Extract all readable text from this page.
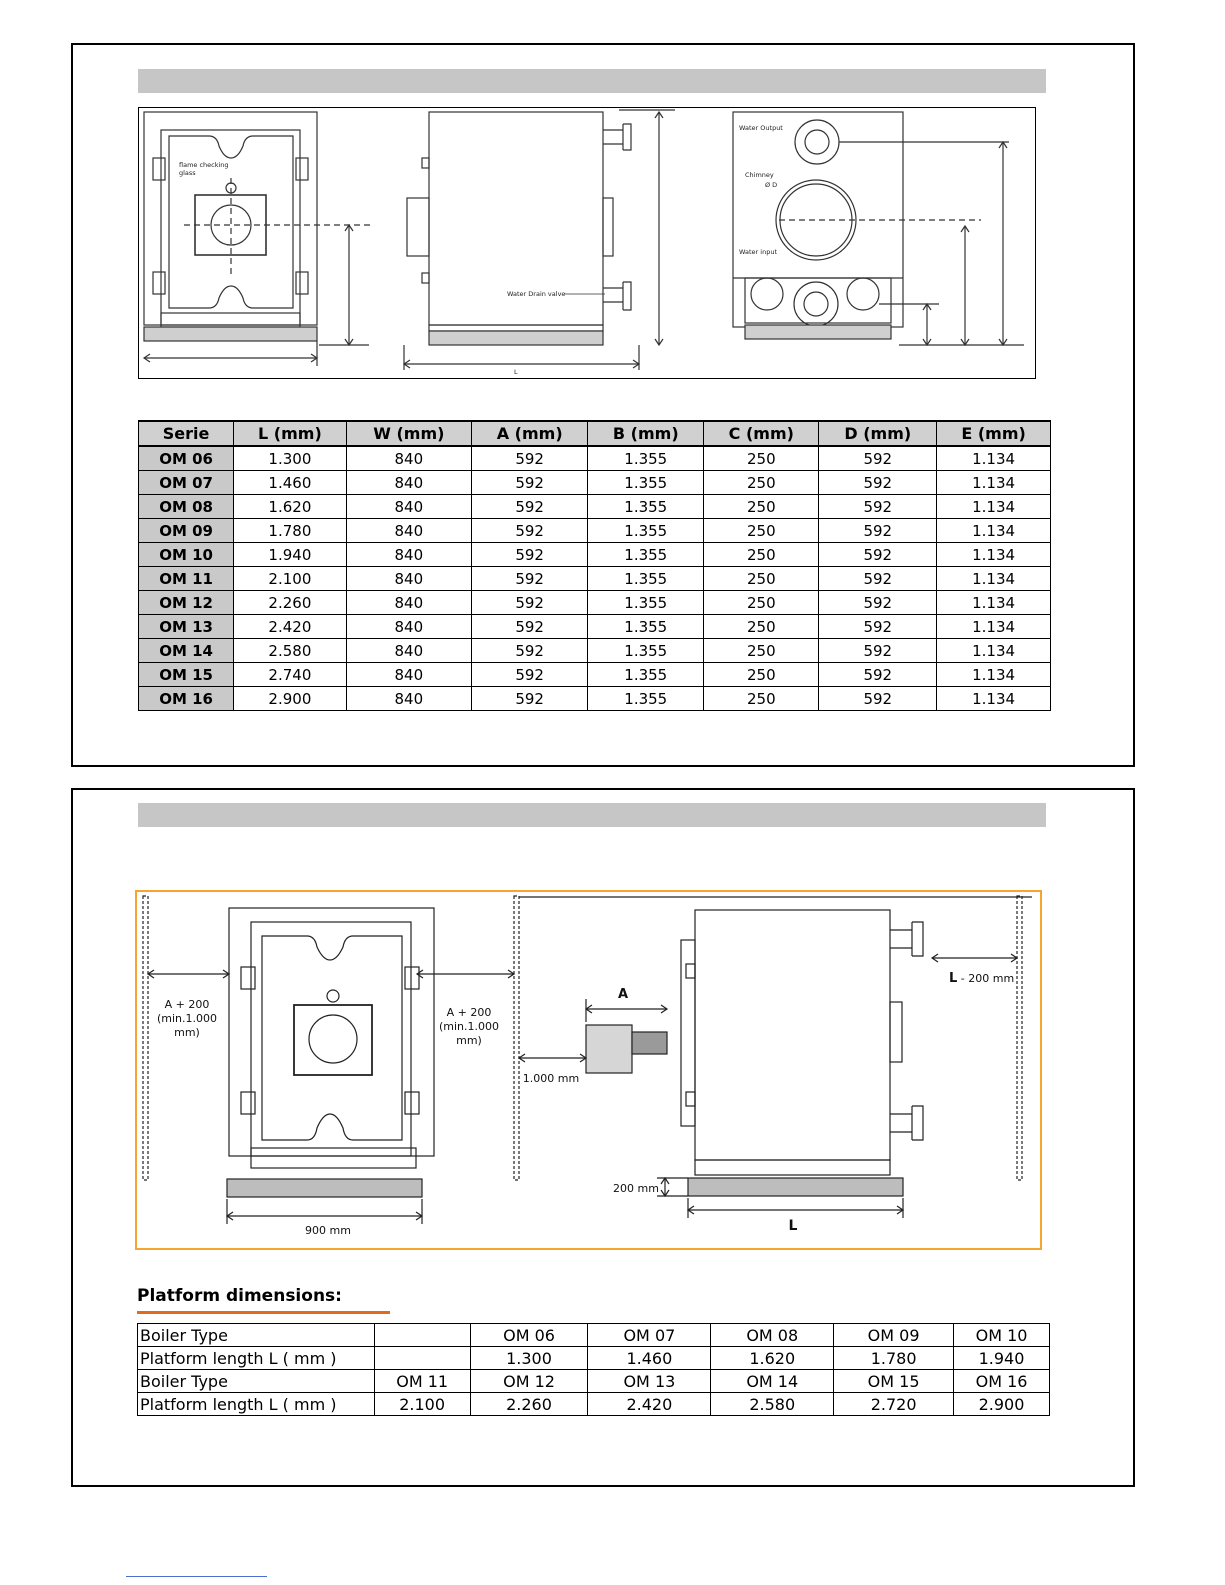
flame checking
glass
Water Drain valve
L
Water Output
Chimney
Ø D
Water input
Serie	L (mm)	W (mm)	A (mm)	B (mm)	C (mm)	D (mm)	E (mm)
OM 06	1.300	840	592	1.355	250	592	1.134
OM 07	1.460	840	592	1.355	250	592	1.134
OM 08	1.620	840	592	1.355	250	592	1.134
OM 09	1.780	840	592	1.355	250	592	1.134
OM 10	1.940	840	592	1.355	250	592	1.134
OM 11	2.100	840	592	1.355	250	592	1.134
OM 12	2.260	840	592	1.355	250	592	1.134
OM 13	2.420	840	592	1.355	250	592	1.134
OM 14	2.580	840	592	1.355	250	592	1.134
OM 15	2.740	840	592	1.355	250	592	1.134
OM 16	2.900	840	592	1.355	250	592	1.134
A + 200
(min.1.000
mm)
A + 200
(min.1.000
mm)
1.000 mm
A
200 mm
900 mm	L
L - 200 mm
Platform dimensions:
Boiler Type		OM 06	OM 07	OM 08	OM 09	OM 10
Platform length L ( mm )		1.300	1.460	1.620	1.780	1.940
Boiler Type	OM 11	OM 12	OM 13	OM 14	OM 15	OM 16
Platform length L ( mm )	2.100	2.260	2.420	2.580	2.720	2.900
